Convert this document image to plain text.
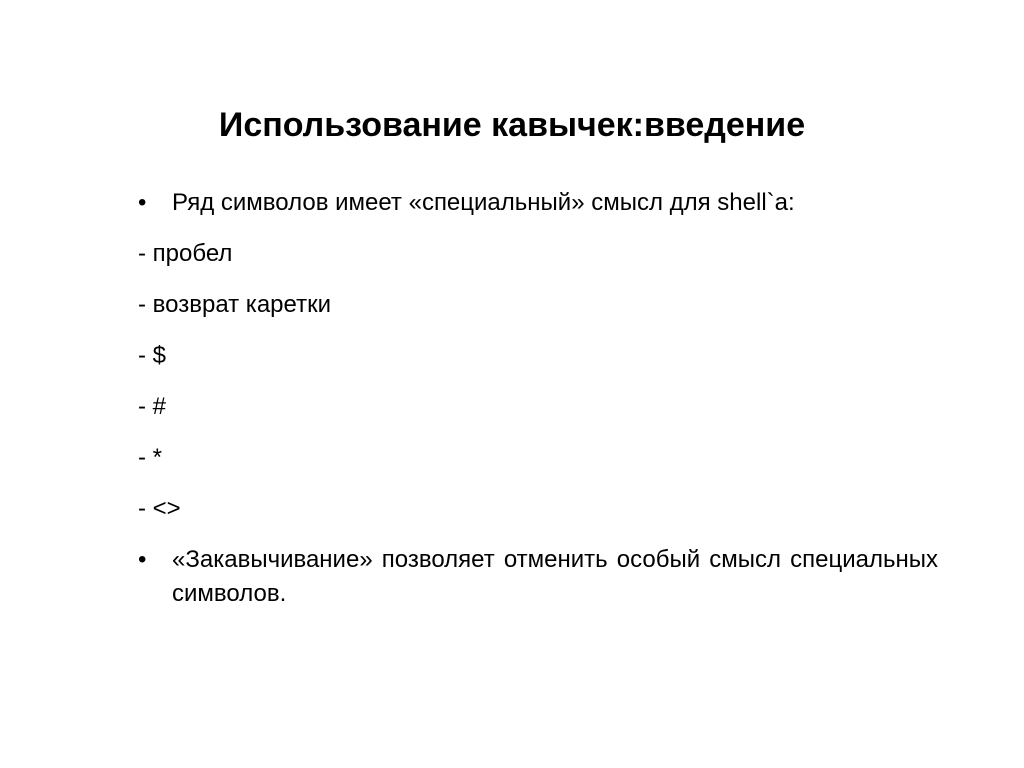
Использование кавычек:введение
•	Ряд символов имеет «специальный» смысл для shell`a:
- пробел
- возврат каретки
- $
- #
- *
- <>
•	«Закавычивание» позволяет отменить особый смысл специальных символов.
